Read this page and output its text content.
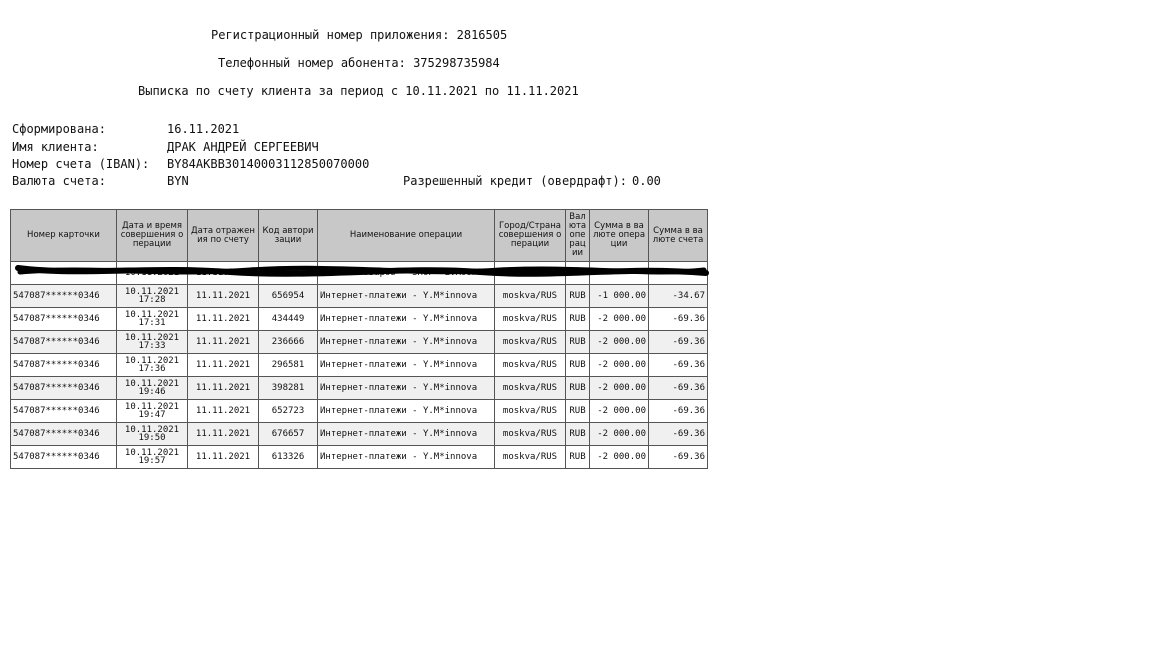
Регистрационный номер приложения: 2816505
Телефонный номер абонента: 375298735984
Выписка по счету клиента за период с 10.11.2021 по 11.11.2021
Сформирована:	16.11.2021
Имя клиента:	ДРАК АНДРЕЙ СЕРГЕЕВИЧ
Номер счета (IBAN): BY84AKBB30140003112850070000
Валюта счета:	BYN	Разрешенный кредит (овердрафт): 0.00
Номер карточки	Дата и время совершения операции	Дата отражения по счету	Код авторизации	Наименование операции	Город/Страна совершения операции	Валюта операции	Сумма в валюте операции	Сумма в валюте счета
	10.11.2021	11.11.2021	733842	Oплата товаров - SHOP "EVROOPT"	MINSK/BLR	BYN		
547087******0346	10.11.2021
17:28	11.11.2021	656954	Интернет-платежи - Y.M*innova	moskva/RUS	RUB	-1 000.00	-34.67
547087******0346	10.11.2021
17:31	11.11.2021	434449	Интернет-платежи - Y.M*innova	moskva/RUS	RUB	-2 000.00	-69.36
547087******0346	10.11.2021
17:33	11.11.2021	236666	Интернет-платежи - Y.M*innova	moskva/RUS	RUB	-2 000.00	-69.36
547087******0346	10.11.2021
17:36	11.11.2021	296581	Интернет-платежи - Y.M*innova	moskva/RUS	RUB	-2 000.00	-69.36
547087******0346	10.11.2021
19:46	11.11.2021	398281	Интернет-платежи - Y.M*innova	moskva/RUS	RUB	-2 000.00	-69.36
547087******0346	10.11.2021
19:47	11.11.2021	652723	Интернет-платежи - Y.M*innova	moskva/RUS	RUB	-2 000.00	-69.36
547087******0346	10.11.2021
19:50	11.11.2021	676657	Интернет-платежи - Y.M*innova	moskva/RUS	RUB	-2 000.00	-69.36
547087******0346	10.11.2021
19:57	11.11.2021	613326	Интернет-платежи - Y.M*innova	moskva/RUS	RUB	-2 000.00	-69.36
